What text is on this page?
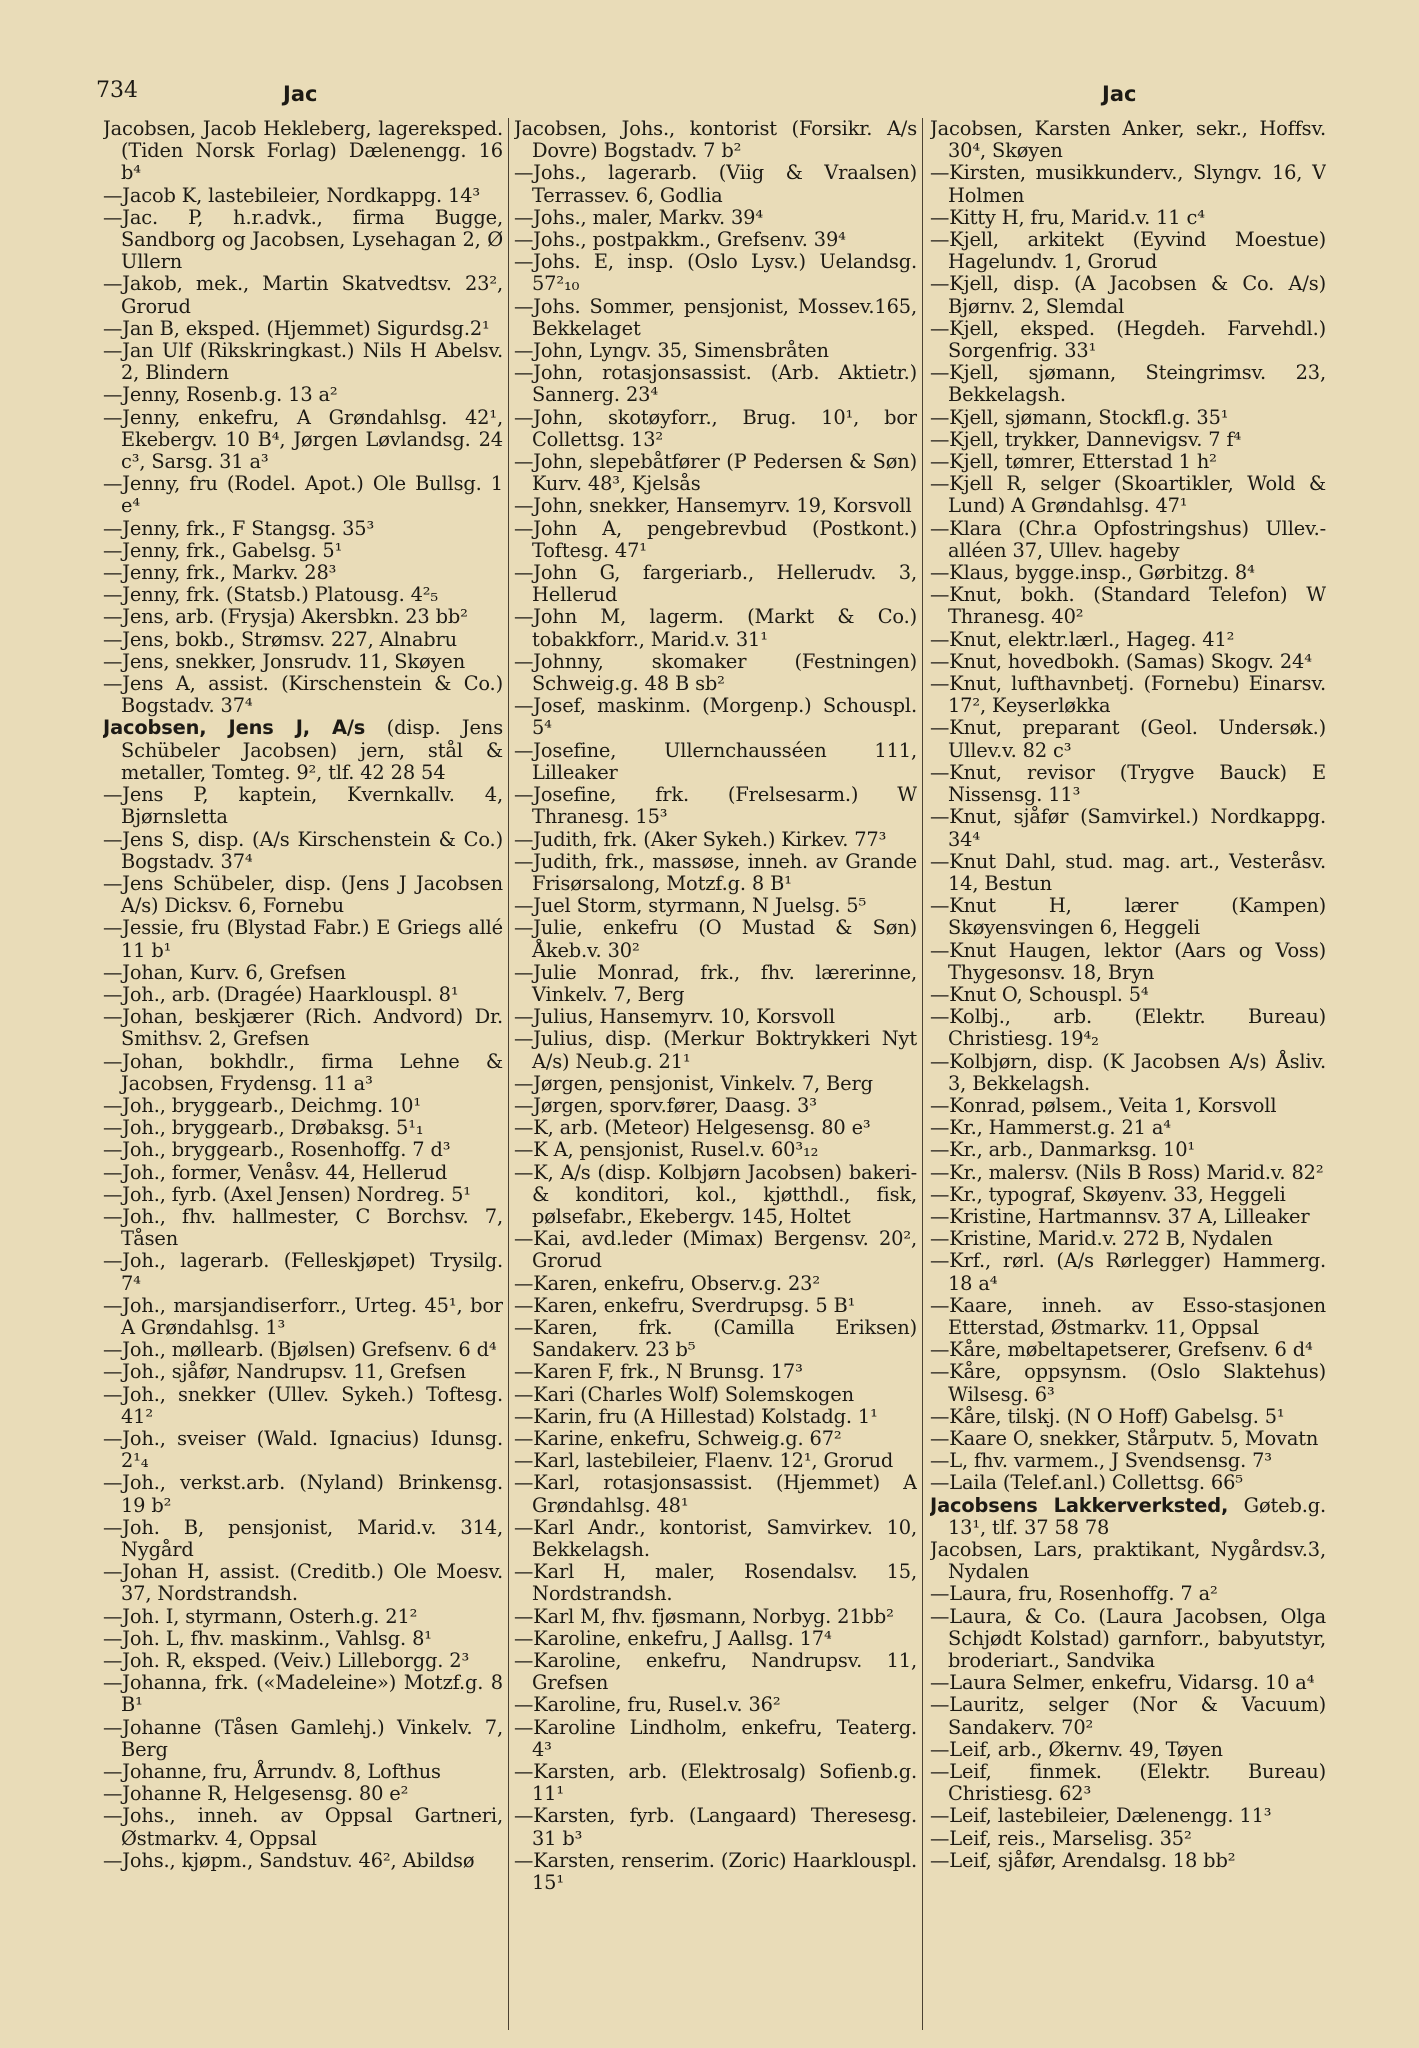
734	Jac	Jac
Jacobsen, Jacob Hekleberg, lagereksped. (Tiden Norsk Forlag) Dælenengg. 16 b⁴
—Jacob K, lastebileier, Nordkappg. 14³
—Jac. P, h.r.advk., firma Bugge, Sandborg og Jacobsen, Lysehagan 2, Ø Ullern
—Jakob, mek., Martin Skatvedtsv. 23², Grorud
—Jan B, eksped. (Hjemmet) Sigurdsg.2¹
—Jan Ulf (Rikskringkast.) Nils H Abelsv. 2, Blindern
—Jenny, Rosenb.g. 13 a²
—Jenny, enkefru, A Grøndahlsg. 42¹, Ekebergv. 10 B⁴, Jørgen Løvlandsg. 24 c³, Sarsg. 31 a³
—Jenny, fru (Rodel. Apot.) Ole Bullsg. 1 e⁴
—Jenny, frk., F Stangsg. 35³
—Jenny, frk., Gabelsg. 5¹
—Jenny, frk., Markv. 28³
—Jenny, frk. (Statsb.) Platousg. 4²₅
—Jens, arb. (Frysja) Akersbkn. 23 bb²
—Jens, bokb., Strømsv. 227, Alnabru
—Jens, snekker, Jonsrudv. 11, Skøyen
—Jens A, assist. (Kirschenstein & Co.) Bogstadv. 37⁴
Jacobsen, Jens J, A/s (disp. Jens Schübeler Jacobsen) jern, stål & metaller, Tomteg. 9², tlf. 42 28 54
—Jens P, kaptein, Kvernkallv. 4, Bjørnsletta
—Jens S, disp. (A/s Kirschenstein & Co.) Bogstadv. 37⁴
—Jens Schübeler, disp. (Jens J Jacobsen A/s) Dicksv. 6, Fornebu
—Jessie, fru (Blystad Fabr.) E Griegs allé 11 b¹
—Johan, Kurv. 6, Grefsen
—Joh., arb. (Dragée) Haarklouspl. 8¹
—Johan, beskjærer (Rich. Andvord) Dr. Smithsv. 2, Grefsen
—Johan, bokhdlr., firma Lehne & Jacobsen, Frydensg. 11 a³
—Joh., bryggearb., Deichmg. 10¹
—Joh., bryggearb., Drøbaksg. 5¹₁
—Joh., bryggearb., Rosenhoffg. 7 d³
—Joh., former, Venåsv. 44, Hellerud
—Joh., fyrb. (Axel Jensen) Nordreg. 5¹
—Joh., fhv. hallmester, C Borchsv. 7, Tåsen
—Joh., lagerarb. (Felleskjøpet) Trysilg. 7⁴
—Joh., marsjandiserforr., Urteg. 45¹, bor A Grøndahlsg. 1³
—Joh., møllearb. (Bjølsen) Grefsenv. 6 d⁴
—Joh., sjåfør, Nandrupsv. 11, Grefsen
—Joh., snekker (Ullev. Sykeh.) Toftesg. 41²
—Joh., sveiser (Wald. Ignacius) Idunsg. 2¹₄
—Joh., verkst.arb. (Nyland) Brinkensg. 19 b²
—Joh. B, pensjonist, Marid.v. 314, Nygård
—Johan H, assist. (Creditb.) Ole Moesv. 37, Nordstrandsh.
—Joh. I, styrmann, Osterh.g. 21²
—Joh. L, fhv. maskinm., Vahlsg. 8¹
—Joh. R, eksped. (Veiv.) Lilleborgg. 2³
—Johanna, frk. («Madeleine») Motzf.g. 8 B¹
—Johanne (Tåsen Gamlehj.) Vinkelv. 7, Berg
—Johanne, fru, Årrundv. 8, Lofthus
—Johanne R, Helgesensg. 80 e²
—Johs., inneh. av Oppsal Gartneri, Østmarkv. 4, Oppsal
—Johs., kjøpm., Sandstuv. 46², Abildsø
Jacobsen, Johs., kontorist (Forsikr. A/s Dovre) Bogstadv. 7 b²
—Johs., lagerarb. (Viig & Vraalsen) Terrassev. 6, Godlia
—Johs., maler, Markv. 39⁴
—Johs., postpakkm., Grefsenv. 39⁴
—Johs. E, insp. (Oslo Lysv.) Uelandsg. 57²₁₀
—Johs. Sommer, pensjonist, Mossev.165, Bekkelaget
—John, Lyngv. 35, Simensbråten
—John, rotasjonsassist. (Arb. Aktietr.) Sannerg. 23⁴
—John, skotøyforr., Brug. 10¹, bor Collettsg. 13²
—John, slepebåtfører (P Pedersen & Søn) Kurv. 48³, Kjelsås
—John, snekker, Hansemyrv. 19, Korsvoll
—John A, pengebrevbud (Postkont.) Toftesg. 47¹
—John G, fargeriarb., Hellerudv. 3, Hellerud
—John M, lagerm. (Markt & Co.) tobakkforr., Marid.v. 31¹
—Johnny, skomaker (Festningen) Schweig.g. 48 B sb²
—Josef, maskinm. (Morgenp.) Schouspl. 5⁴
—Josefine, Ullernchausséen 111, Lilleaker
—Josefine, frk. (Frelsesarm.) W Thranesg. 15³
—Judith, frk. (Aker Sykeh.) Kirkev. 77³
—Judith, frk., massøse, inneh. av Grande Frisørsalong, Motzf.g. 8 B¹
—Juel Storm, styrmann, N Juelsg. 5⁵
—Julie, enkefru (O Mustad & Søn) Åkeb.v. 30²
—Julie Monrad, frk., fhv. lærerinne, Vinkelv. 7, Berg
—Julius, Hansemyrv. 10, Korsvoll
—Julius, disp. (Merkur Boktrykkeri Nyt A/s) Neub.g. 21¹
—Jørgen, pensjonist, Vinkelv. 7, Berg
—Jørgen, sporv.fører, Daasg. 3³
—K, arb. (Meteor) Helgesensg. 80 e³
—K A, pensjonist, Rusel.v. 60³₁₂
—K, A/s (disp. Kolbjørn Jacobsen) bakeri- & konditori, kol., kjøtthdl., fisk, pølsefabr., Ekebergv. 145, Holtet
—Kai, avd.leder (Mimax) Bergensv. 20², Grorud
—Karen, enkefru, Observ.g. 23²
—Karen, enkefru, Sverdrupsg. 5 B¹
—Karen, frk. (Camilla Eriksen) Sandakerv. 23 b⁵
—Karen F, frk., N Brunsg. 17³
—Kari (Charles Wolf) Solemskogen
—Karin, fru (A Hillestad) Kolstadg. 1¹
—Karine, enkefru, Schweig.g. 67²
—Karl, lastebileier, Flaenv. 12¹, Grorud
—Karl, rotasjonsassist. (Hjemmet) A Grøndahlsg. 48¹
—Karl Andr., kontorist, Samvirkev. 10, Bekkelagsh.
—Karl H, maler, Rosendalsv. 15, Nordstrandsh.
—Karl M, fhv. fjøsmann, Norbyg. 21bb²
—Karoline, enkefru, J Aallsg. 17⁴
—Karoline, enkefru, Nandrupsv. 11, Grefsen
—Karoline, fru, Rusel.v. 36²
—Karoline Lindholm, enkefru, Teaterg. 4³
—Karsten, arb. (Elektrosalg) Sofienb.g. 11¹
—Karsten, fyrb. (Langaard) Theresesg. 31 b³
—Karsten, renserim. (Zoric) Haarklouspl. 15¹
Jacobsen, Karsten Anker, sekr., Hoffsv. 30⁴, Skøyen
—Kirsten, musikkunderv., Slyngv. 16, V Holmen
—Kitty H, fru, Marid.v. 11 c⁴
—Kjell, arkitekt (Eyvind Moestue) Hagelundv. 1, Grorud
—Kjell, disp. (A Jacobsen & Co. A/s) Bjørnv. 2, Slemdal
—Kjell, eksped. (Hegdeh. Farvehdl.) Sorgenfrig. 33¹
—Kjell, sjømann, Steingrimsv. 23, Bekkelagsh.
—Kjell, sjømann, Stockfl.g. 35¹
—Kjell, trykker, Dannevigsv. 7 f⁴
—Kjell, tømrer, Etterstad 1 h²
—Kjell R, selger (Skoartikler, Wold & Lund) A Grøndahlsg. 47¹
—Klara (Chr.a Opfostringshus) Ullev.-alléen 37, Ullev. hageby
—Klaus, bygge.insp., Gørbitzg. 8⁴
—Knut, bokh. (Standard Telefon) W Thranesg. 40²
—Knut, elektr.lærl., Hageg. 41²
—Knut, hovedbokh. (Samas) Skogv. 24⁴
—Knut, lufthavnbetj. (Fornebu) Einarsv. 17², Keyserløkka
—Knut, preparant (Geol. Undersøk.) Ullev.v. 82 c³
—Knut, revisor (Trygve Bauck) E Nissensg. 11³
—Knut, sjåfør (Samvirkel.) Nordkappg. 34⁴
—Knut Dahl, stud. mag. art., Vesteråsv. 14, Bestun
—Knut H, lærer (Kampen) Skøyensvingen 6, Heggeli
—Knut Haugen, lektor (Aars og Voss) Thygesonsv. 18, Bryn
—Knut O, Schouspl. 5⁴
—Kolbj., arb. (Elektr. Bureau) Christiesg. 19⁴₂
—Kolbjørn, disp. (K Jacobsen A/s) Åsliv. 3, Bekkelagsh.
—Konrad, pølsem., Veita 1, Korsvoll
—Kr., Hammerst.g. 21 a⁴
—Kr., arb., Danmarksg. 10¹
—Kr., malersv. (Nils B Ross) Marid.v. 82²
—Kr., typograf, Skøyenv. 33, Heggeli
—Kristine, Hartmannsv. 37 A, Lilleaker
—Kristine, Marid.v. 272 B, Nydalen
—Krf., rørl. (A/s Rørlegger) Hammerg. 18 a⁴
—Kaare, inneh. av Esso-stasjonen Etterstad, Østmarkv. 11, Oppsal
—Kåre, møbeltapetserer, Grefsenv. 6 d⁴
—Kåre, oppsynsm. (Oslo Slaktehus) Wilsesg. 6³
—Kåre, tilskj. (N O Hoff) Gabelsg. 5¹
—Kaare O, snekker, Stårputv. 5, Movatn
—L, fhv. varmem., J Svendsensg. 7³
—Laila (Telef.anl.) Collettsg. 66⁵
Jacobsens Lakkerverksted, Gøteb.g. 13¹, tlf. 37 58 78
Jacobsen, Lars, praktikant, Nygårdsv.3, Nydalen
—Laura, fru, Rosenhoffg. 7 a²
—Laura, & Co. (Laura Jacobsen, Olga Schjødt Kolstad) garnforr., babyutstyr, broderiart., Sandvika
—Laura Selmer, enkefru, Vidarsg. 10 a⁴
—Lauritz, selger (Nor & Vacuum) Sandakerv. 70²
—Leif, arb., Økernv. 49, Tøyen
—Leif, finmek. (Elektr. Bureau) Christiesg. 62³
—Leif, lastebileier, Dælenengg. 11³
—Leif, reis., Marselisg. 35²
—Leif, sjåfør, Arendalsg. 18 bb²
